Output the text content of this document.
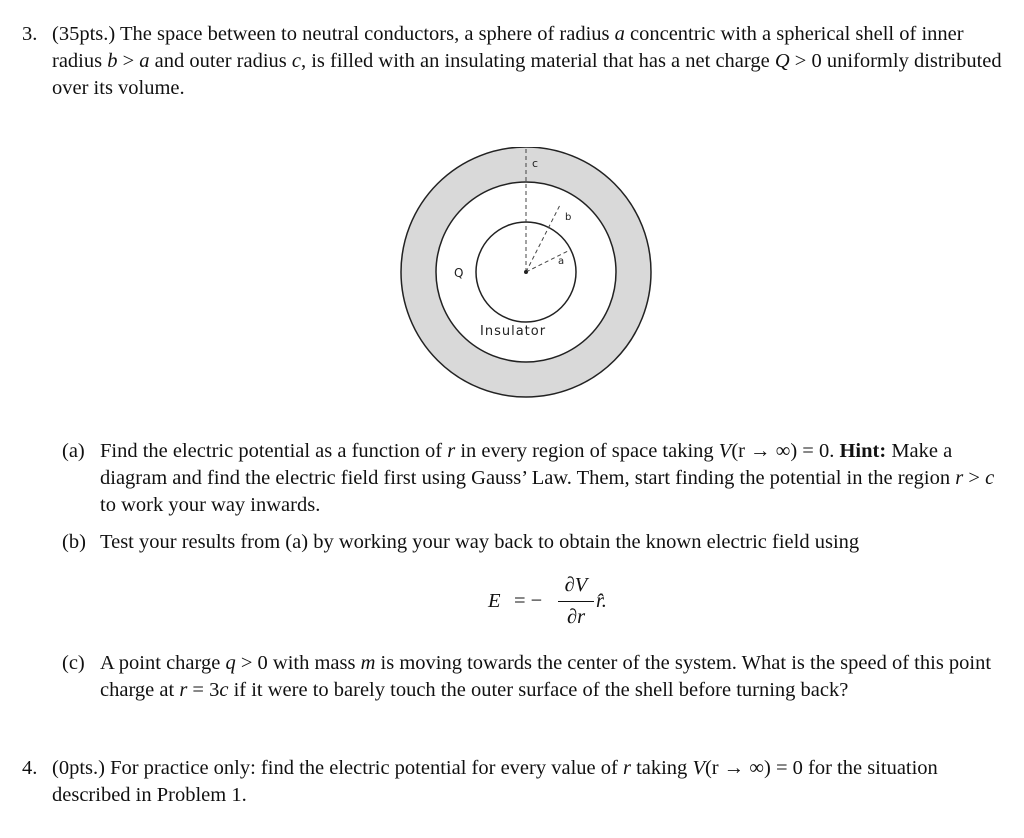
3. (35pts.) The space between to neutral conductors, a sphere of radius a concentric with a spherical shell of inner radius b > a and outer radius c, is filled with an insulating material that has a net charge Q > 0 uniformly distributed over its volume.
c
b
a
Q
Insulator
(a) Find the electric potential as a function of r in every region of space taking V(r → ∞) = 0. Hint: Make a diagram and find the electric field first using Gauss’ Law. Them, start finding the potential in the region r > c to work your way inwards.
(b) Test your results from (a) by working your way back to obtain the known electric field using
E⃗
= −
∂V
∂r
r̂.
(c) A point charge q > 0 with mass m is moving towards the center of the system. What is the speed of this point charge at r = 3c if it were to barely touch the outer surface of the shell before turning back?
4. (0pts.) For practice only: find the electric potential for every value of r taking V(r → ∞) = 0 for the situation described in Problem 1.
